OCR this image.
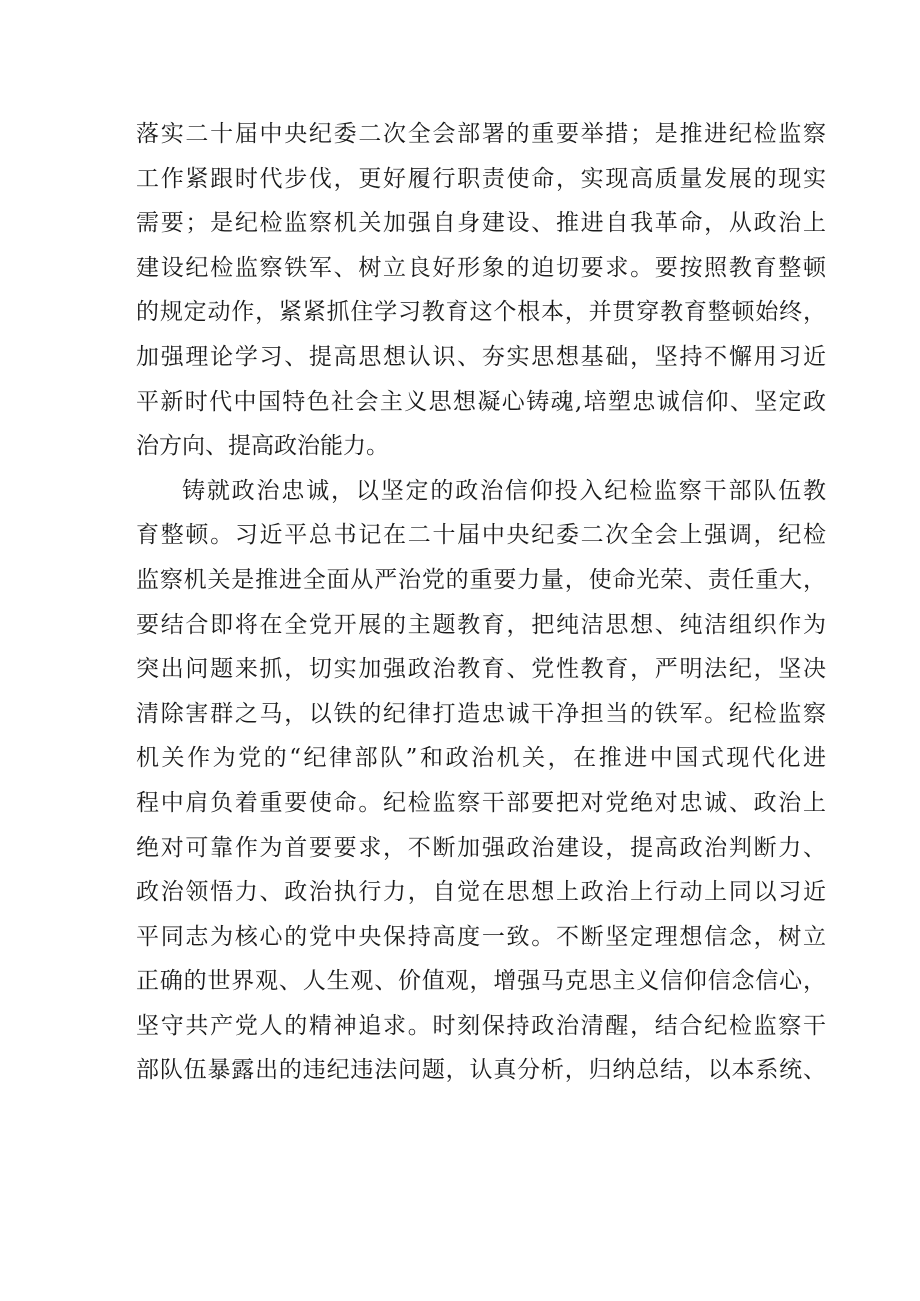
落实二十届中央纪委二次全会部署的重要举措；是推进纪检监察
工作紧跟时代步伐，更好履行职责使命，实现高质量发展的现实
需要；是纪检监察机关加强自身建设、推进自我革命，从政治上
建设纪检监察铁军、树立良好形象的迫切要求。要按照教育整顿
的规定动作，紧紧抓住学习教育这个根本，并贯穿教育整顿始终，
加强理论学习、提高思想认识、夯实思想基础，坚持不懈用习近
平新时代中国特色社会主义思想凝心铸魂,培塑忠诚信仰、坚定政
治方向、提高政治能力。
铸就政治忠诚，以坚定的政治信仰投入纪检监察干部队伍教
育整顿。习近平总书记在二十届中央纪委二次全会上强调，纪检
监察机关是推进全面从严治党的重要力量，使命光荣、责任重大，
要结合即将在全党开展的主题教育，把纯洁思想、纯洁组织作为
突出问题来抓，切实加强政治教育、党性教育，严明法纪，坚决
清除害群之马，以铁的纪律打造忠诚干净担当的铁军。纪检监察
机关作为党的“纪律部队”和政治机关，在推进中国式现代化进
程中肩负着重要使命。纪检监察干部要把对党绝对忠诚、政治上
绝对可靠作为首要要求，不断加强政治建设，提高政治判断力、
政治领悟力、政治执行力，自觉在思想上政治上行动上同以习近
平同志为核心的党中央保持高度一致。不断坚定理想信念，树立
正确的世界观、人生观、价值观，增强马克思主义信仰信念信心，
坚守共产党人的精神追求。时刻保持政治清醒，结合纪检监察干
部队伍暴露出的违纪违法问题，认真分析，归纳总结，以本系统、
